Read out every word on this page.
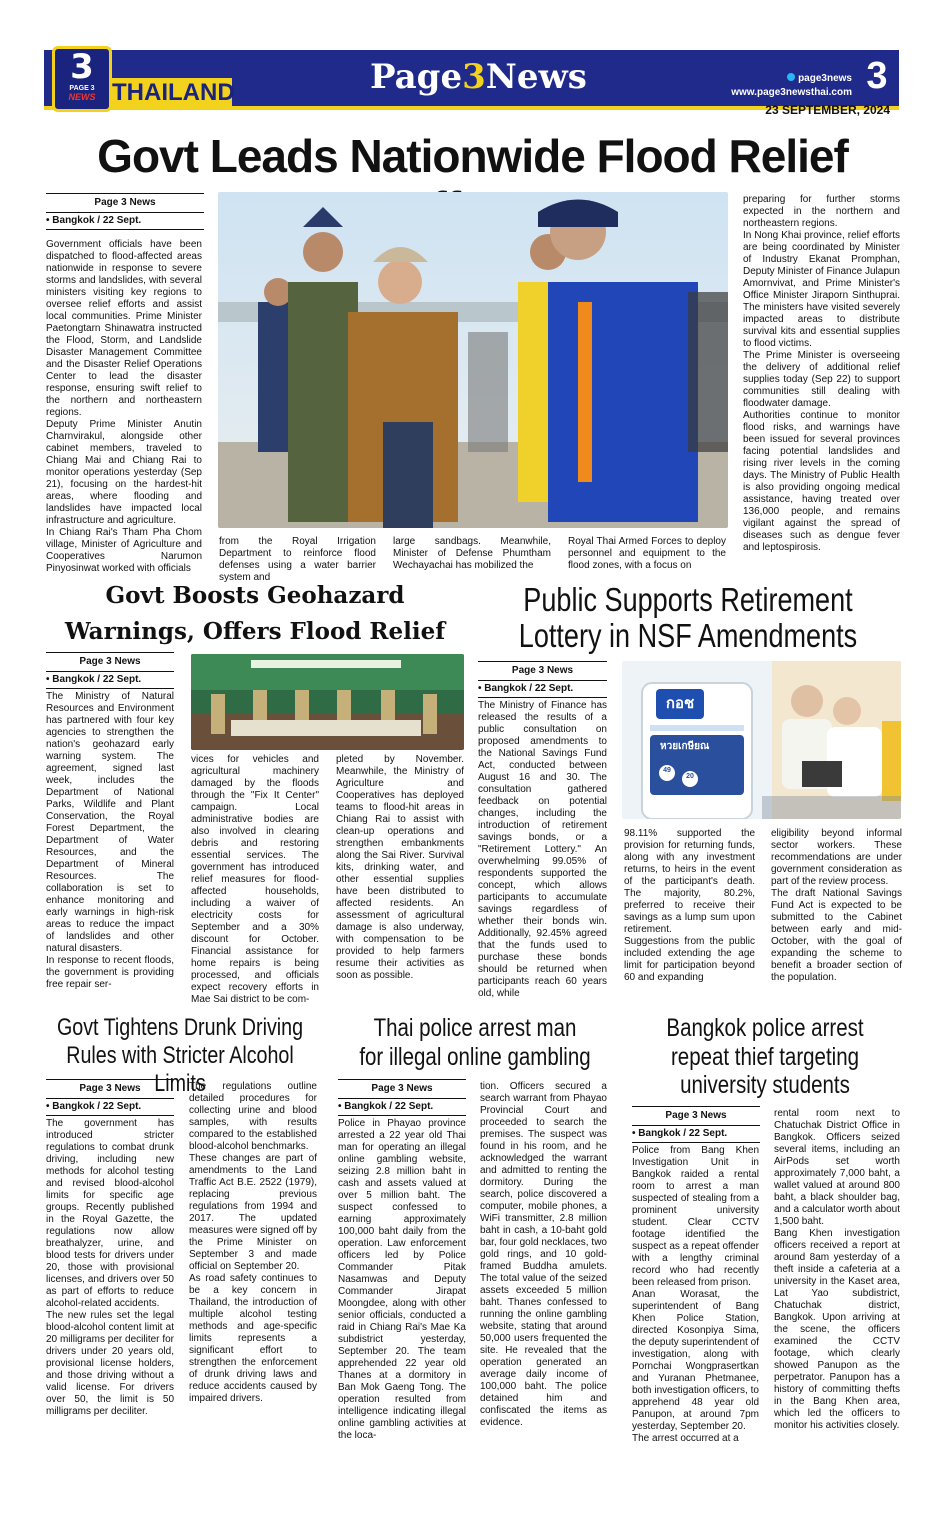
3
PAGE 3
NEWS THAILAND	Page3News	page3news
www.page3newsthai.com 3
23 SEPTEMBER, 2024
Govt Leads Nationwide Flood Relief
Page 3 News
• Bangkok / 22 Sept.

Government officials have been dispatched to flood-affected areas nationwide in response to severe storms and landslides, with several ministers visiting key regions to oversee relief efforts and assist local communities. Prime Minister Paetongtarn Shinawatra instructed the Flood, Storm, and Landslide Disaster Management Committee and the Disaster Relief Operations Center to lead the disaster response, ensuring swift relief to the northern and northeastern regions.

Deputy Prime Minister Anutin Charnvirakul, alongside other cabinet members, traveled to Chiang Mai and Chiang Rai to monitor operations yesterday (Sep 21), focusing on the hardest-hit areas, where flooding and landslides have impacted local infrastructure and agriculture.

In Chiang Rai's Tham Pha Chom village, Minister of Agriculture and Cooperatives Narumon Pinyosinwat worked with officials

from the Royal Irrigation Department to reinforce flood defenses using a water barrier system and
large sandbags. Meanwhile, Minister of Defense Phumtham Wechayachai has mobilized the
Royal Thai Armed Forces to deploy personnel and equipment to the flood zones, with a focus on

preparing for further storms expected in the northern and northeastern regions.

In Nong Khai province, relief efforts are being coordinated by Minister of Industry Ekanat Promphan, Deputy Minister of Finance Julapun Amornvivat, and Prime Minister's Office Minister Jiraporn Sinthuprai. The ministers have visited severely impacted areas to distribute survival kits and essential supplies to flood victims.

The Prime Minister is overseeing the delivery of additional relief supplies today (Sep 22) to support communities still dealing with floodwater damage.

Authorities continue to monitor flood risks, and warnings have been issued for several provinces facing potential landslides and rising river levels in the coming days. The Ministry of Public Health is also providing ongoing medical assistance, having treated over 136,000 people, and remains vigilant against the spread of diseases such as dengue fever and leptospirosis.

Govt Boosts Geohazard
Warnings, Offers Flood Relief
Page 3 News
• Bangkok / 22 Sept.

The Ministry of Natural Resources and Environment has partnered with four key agencies to strengthen the nation's geohazard early warning system. The agreement, signed last week, includes the Department of National Parks, Wildlife and Plant Conservation, the Royal Forest Department, the Department of Water Resources, and the Department of Mineral Resources. The collaboration is set to enhance monitoring and early warnings in high-risk areas to reduce the impact of landslides and other natural disasters.

In response to recent floods, the government is providing free repair ser-

vices for vehicles and agricultural machinery damaged by the floods through the "Fix It Center" campaign. Local administrative bodies are also involved in clearing debris and restoring essential services. The government has introduced relief measures for flood-affected households, including a waiver of electricity costs for September and a 30% discount for October. Financial assistance for home repairs is being processed, and officials expect recovery efforts in Mae Sai district to be com-
pleted by November. Meanwhile, the Ministry of Agriculture and Cooperatives has deployed teams to flood-hit areas in Chiang Rai to assist with clean-up operations and strengthen embankments along the Sai River. Survival kits, drinking water, and other essential supplies have been distributed to affected residents. An assessment of agricultural damage is also underway, with compensation to be provided to help farmers resume their activities as soon as possible.
Public Supports Retirement
Lottery in NSF Amendments
Page 3 News
• Bangkok / 22 Sept.
The Ministry of Finance has released the results of a public consultation on proposed amendments to the National Savings Fund Act, conducted between August 16 and 30. The consultation gathered feedback on potential changes, including the introduction of retirement savings bonds, or a "Retirement Lottery." An overwhelming 99.05% of respondents supported the concept, which allows participants to accumulate savings regardless of whether their bonds win. Additionally, 92.45% agreed that the funds used to purchase these bonds should be returned when participants reach 60 years old, while
กอช
หวยเกษียณ
49
20

98.11% supported the provision for returning funds, along with any investment returns, to heirs in the event of the participant's death. The majority, 80.2%, preferred to receive their savings as a lump sum upon retirement.

Suggestions from the public included extending the age limit for participation beyond 60 and expanding

eligibility beyond informal sector workers. These recommendations are under government consideration as part of the review process.

The draft National Savings Fund Act is expected to be submitted to the Cabinet between early and mid-October, with the goal of expanding the scheme to benefit a broader section of the population.

Govt Tightens Drunk Driving
Rules with Stricter Alcohol Limits
Page 3 News
• Bangkok / 22 Sept.

The government has introduced stricter regulations to combat drunk driving, including new methods for alcohol testing and revised blood-alcohol limits for specific age groups. Recently published in the Royal Gazette, the regulations now allow breathalyzer, urine, and blood tests for drivers under 20, those with provisional licenses, and drivers over 50 as part of efforts to reduce alcohol-related accidents.

The new rules set the legal blood-alcohol content limit at 20 milligrams per deciliter for drivers under 20 years old, provisional license holders, and those driving without a valid license. For drivers over 50, the limit is 50 milligrams per deciliter.

The regulations outline detailed procedures for collecting urine and blood samples, with results compared to the established blood-alcohol benchmarks.

These changes are part of amendments to the Land Traffic Act B.E. 2522 (1979), replacing previous regulations from 1994 and 2017. The updated measures were signed off by the Prime Minister on September 3 and made official on September 20.

As road safety continues to be a key concern in Thailand, the introduction of multiple alcohol testing methods and age-specific limits represents a significant effort to strengthen the enforcement of drunk driving laws and reduce accidents caused by impaired drivers.

Thai police arrest man
for illegal online gambling
Page 3 News
• Bangkok / 22 Sept.
Police in Phayao province arrested a 22 year old Thai man for operating an illegal online gambling website, seizing 2.8 million baht in cash and assets valued at over 5 million baht. The suspect confessed to earning approximately 100,000 baht daily from the operation. Law enforcement officers led by Police Commander Pitak Nasamwas and Deputy Commander Jirapat Moongdee, along with other senior officials, conducted a raid in Chiang Rai's Mae Ka subdistrict yesterday, September 20. The team apprehended 22 year old Thanes at a dormitory in Ban Mok Gaeng Tong. The operation resulted from intelligence indicating illegal online gambling activities at the loca-
tion. Officers secured a search warrant from Phayao Provincial Court and proceeded to search the premises. The suspect was found in his room, and he acknowledged the warrant and admitted to renting the dormitory. During the search, police discovered a computer, mobile phones, a WiFi transmitter, 2.8 million baht in cash, a 10-baht gold bar, four gold necklaces, two gold rings, and 10 gold-framed Buddha amulets. The total value of the seized assets exceeded 5 million baht. Thanes confessed to running the online gambling website, stating that around 50,000 users frequented the site. He revealed that the operation generated an average daily income of 100,000 baht. The police detained him and confiscated the items as evidence.
Bangkok police arrest
repeat thief targeting
university students
Page 3 News
• Bangkok / 22 Sept.

Police from Bang Khen Investigation Unit in Bangkok raided a rental room to arrest a man suspected of stealing from a prominent university student. Clear CCTV footage identified the suspect as a repeat offender with a lengthy criminal record who had recently been released from prison.

Anan Worasat, the superintendent of Bang Khen Police Station, directed Kosonpiya Sima, the deputy superintendent of investigation, along with Pornchai Wongprasertkan and Yuranan Phetmanee, both investigation officers, to apprehend 48 year old Panupon, at around 7pm yesterday, September 20.

The arrest occurred at a

rental room next to Chatuchak District Office in Bangkok. Officers seized several items, including an AirPods set worth approximately 7,000 baht, a wallet valued at around 800 baht, a black shoulder bag, and a calculator worth about 1,500 baht.

Bang Khen investigation officers received a report at around 8am yesterday of a theft inside a cafeteria at a university in the Kaset area, Lat Yao subdistrict, Chatuchak district, Bangkok. Upon arriving at the scene, the officers examined the CCTV footage, which clearly showed Panupon as the perpetrator. Panupon has a history of committing thefts in the Bang Khen area, which led the officers to monitor his activities closely.
